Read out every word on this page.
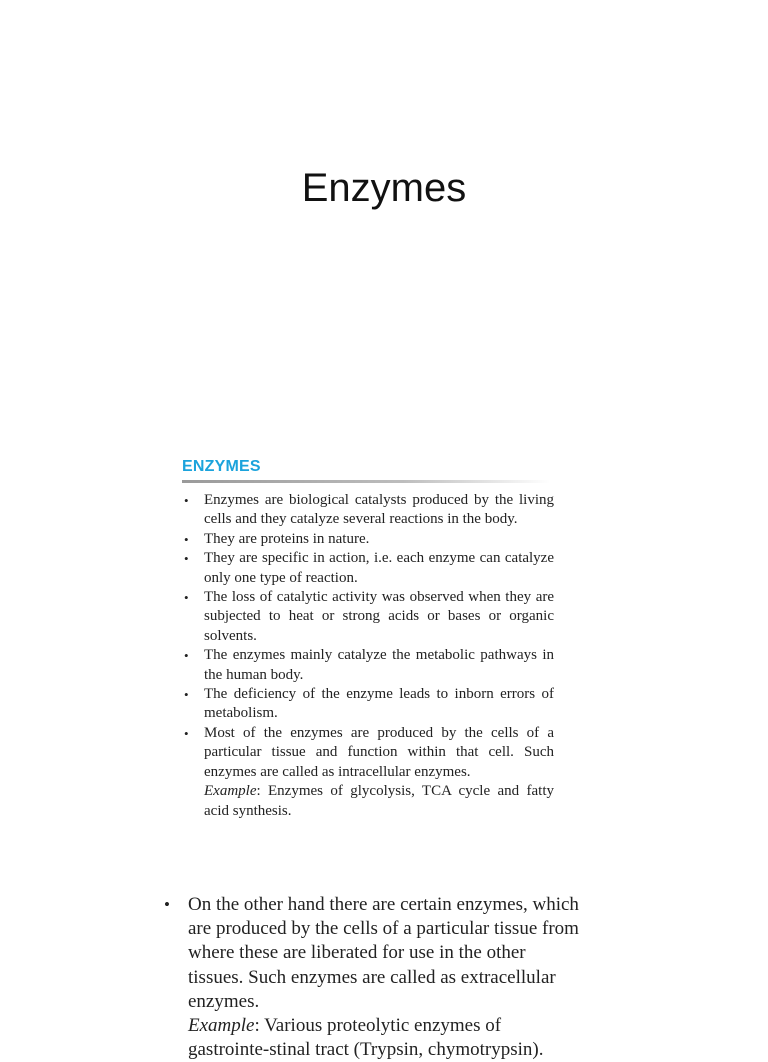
Enzymes
ENZYMES
• Enzymes are biological catalysts produced by the living cells and they catalyze several reactions in the body.
• They are proteins in nature.
• They are specific in action, i.e. each enzyme can catalyze only one type of reaction.
• The loss of catalytic activity was observed when they are subjected to heat or strong acids or bases or organic solvents.
• The enzymes mainly catalyze the metabolic pathways in the human body.
• The deficiency of the enzyme leads to inborn errors of metabolism.
• Most of the enzymes are produced by the cells of a particular tissue and function within that cell. Such enzymes are called as intracellular enzymes.
Example: Enzymes of glycolysis, TCA cycle and fatty acid synthesis.
• On the other hand there are certain enzymes, which are produced by the cells of a particular tissue from where these are liberated for use in the other tissues. Such enzymes are called as extracellular enzymes.
Example: Various proteolytic enzymes of gastrointe-stinal tract (Trypsin, chymotrypsin).
